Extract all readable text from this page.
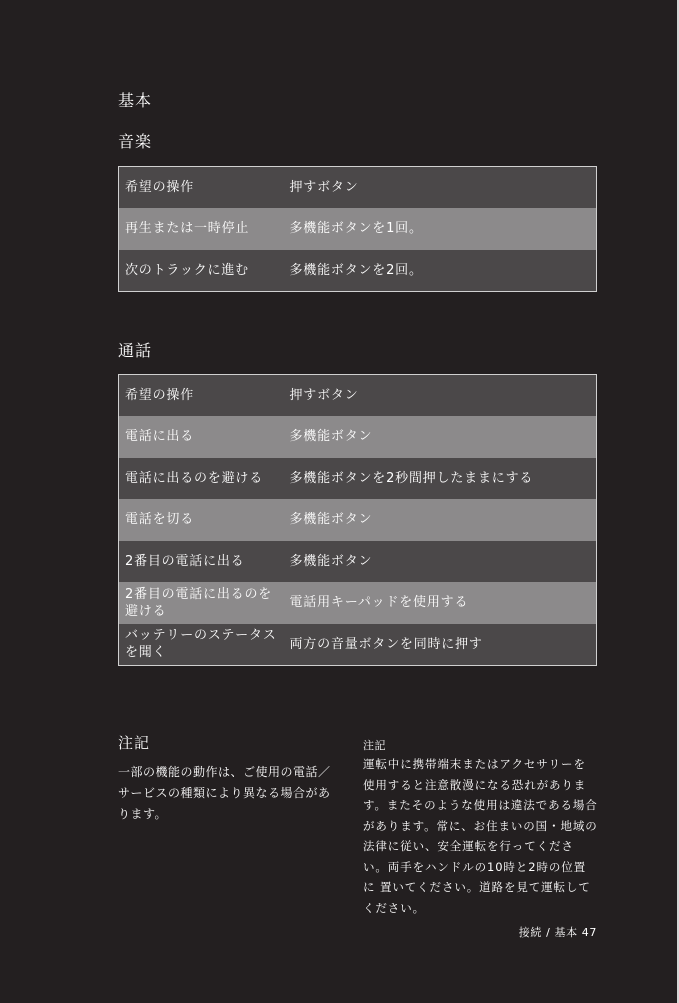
基本
音楽
希望の操作	押すボタン
再生または一時停止	多機能ボタンを1回。
次のトラックに進む	多機能ボタンを2回。
通話
希望の操作	押すボタン
電話に出る	多機能ボタン
電話に出るのを避ける	多機能ボタンを2秒間押したままにする
電話を切る	多機能ボタン
2番目の電話に出る	多機能ボタン
2番目の電話に出るのを避ける	電話用キーパッドを使用する
バッテリーのステータスを聞く	両方の音量ボタンを同時に押す
注記
一部の機能の動作は、ご使用の電話／サービスの種類により異なる場合があります。
注記
運転中に携帯端末またはアクセサリーを使用すると注意散漫になる恐れがあります。またそのような使用は違法である場合があります。常に、お住まいの国・地域の法律に従い、安全運転を行ってください。両手をハンドルの10時と2時の位置に 置いてください。道路を見て運転してください。
接続 / 基本 47
